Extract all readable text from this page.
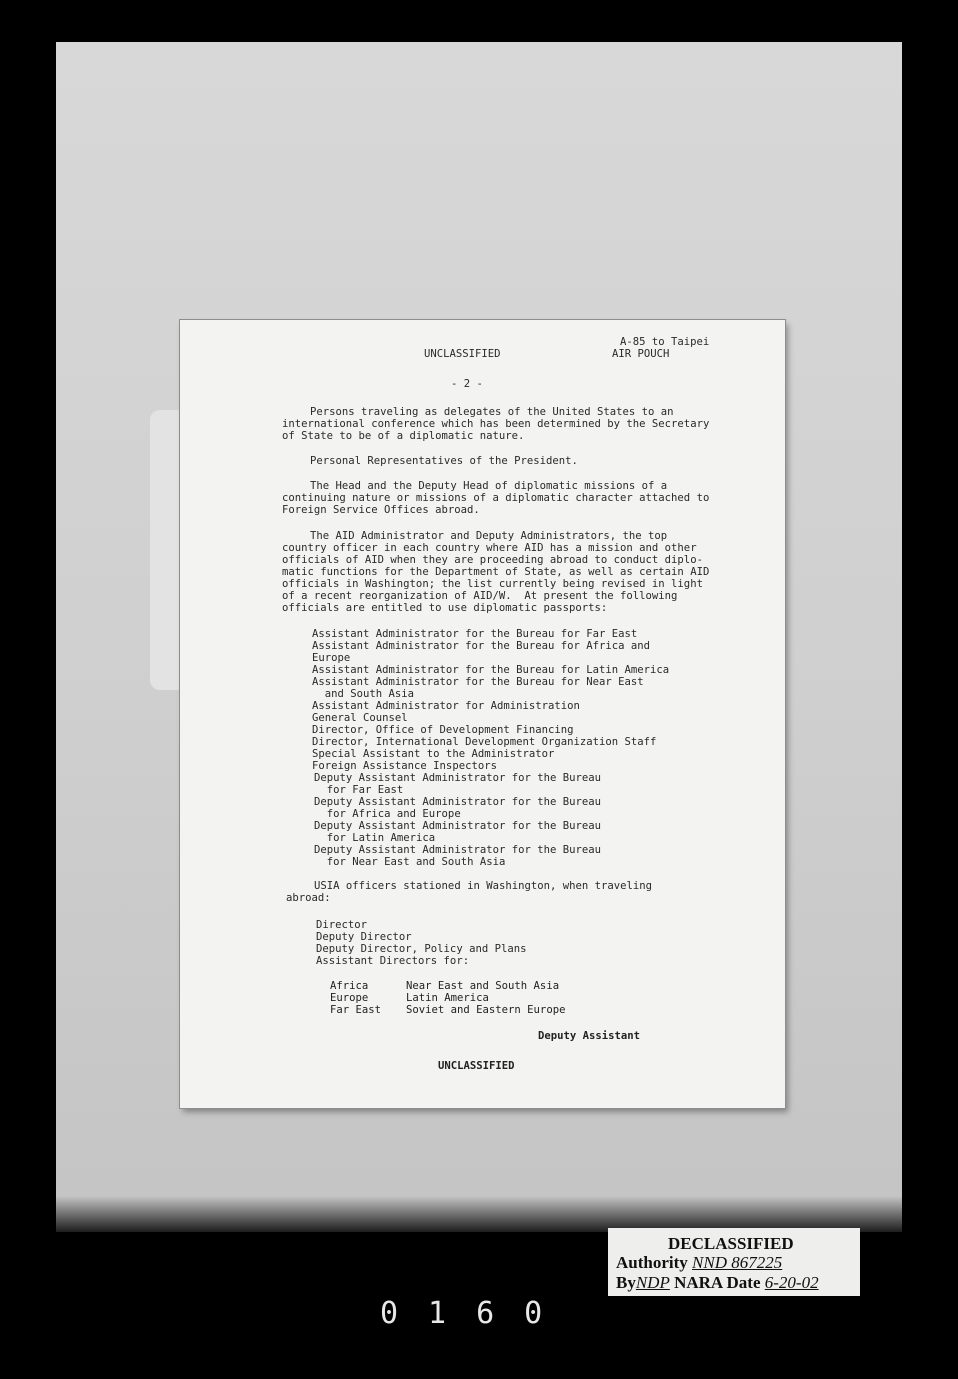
UNCLASSIFIED
A-85 to Taipei
AIR POUCH
- 2 -
Persons traveling as delegates of the United States to an
international conference which has been determined by the Secretary
of State to be of a diplomatic nature.
Personal Representatives of the President.
The Head and the Deputy Head of diplomatic missions of a
continuing nature or missions of a diplomatic character attached to
Foreign Service Offices abroad.
The AID Administrator and Deputy Administrators, the top
country officer in each country where AID has a mission and other
officials of AID when they are proceeding abroad to conduct diplo-
matic functions for the Department of State, as well as certain AID
officials in Washington; the list currently being revised in light
of a recent reorganization of AID/W.  At present the following
officials are entitled to use diplomatic passports:
Assistant Administrator for the Bureau for Far East
Assistant Administrator for the Bureau for Africa and
Europe
Assistant Administrator for the Bureau for Latin America
Assistant Administrator for the Bureau for Near East
and South Asia
Assistant Administrator for Administration
General Counsel
Director, Office of Development Financing
Director, International Development Organization Staff
Special Assistant to the Administrator
Foreign Assistance Inspectors
Deputy Assistant Administrator for the Bureau
for Far East
Deputy Assistant Administrator for the Bureau
for Africa and Europe
Deputy Assistant Administrator for the Bureau
for Latin America
Deputy Assistant Administrator for the Bureau
for Near East and South Asia
USIA officers stationed in Washington, when traveling
abroad:
Director
Deputy Director
Deputy Director, Policy and Plans
Assistant Directors for:
Africa
Europe
Far East
Near East and South Asia
Latin America
Soviet and Eastern Europe
Deputy Assistant
UNCLASSIFIED
DECLASSIFIED
Authority NND 867225
ByNDP NARA Date 6-20-02
0160
